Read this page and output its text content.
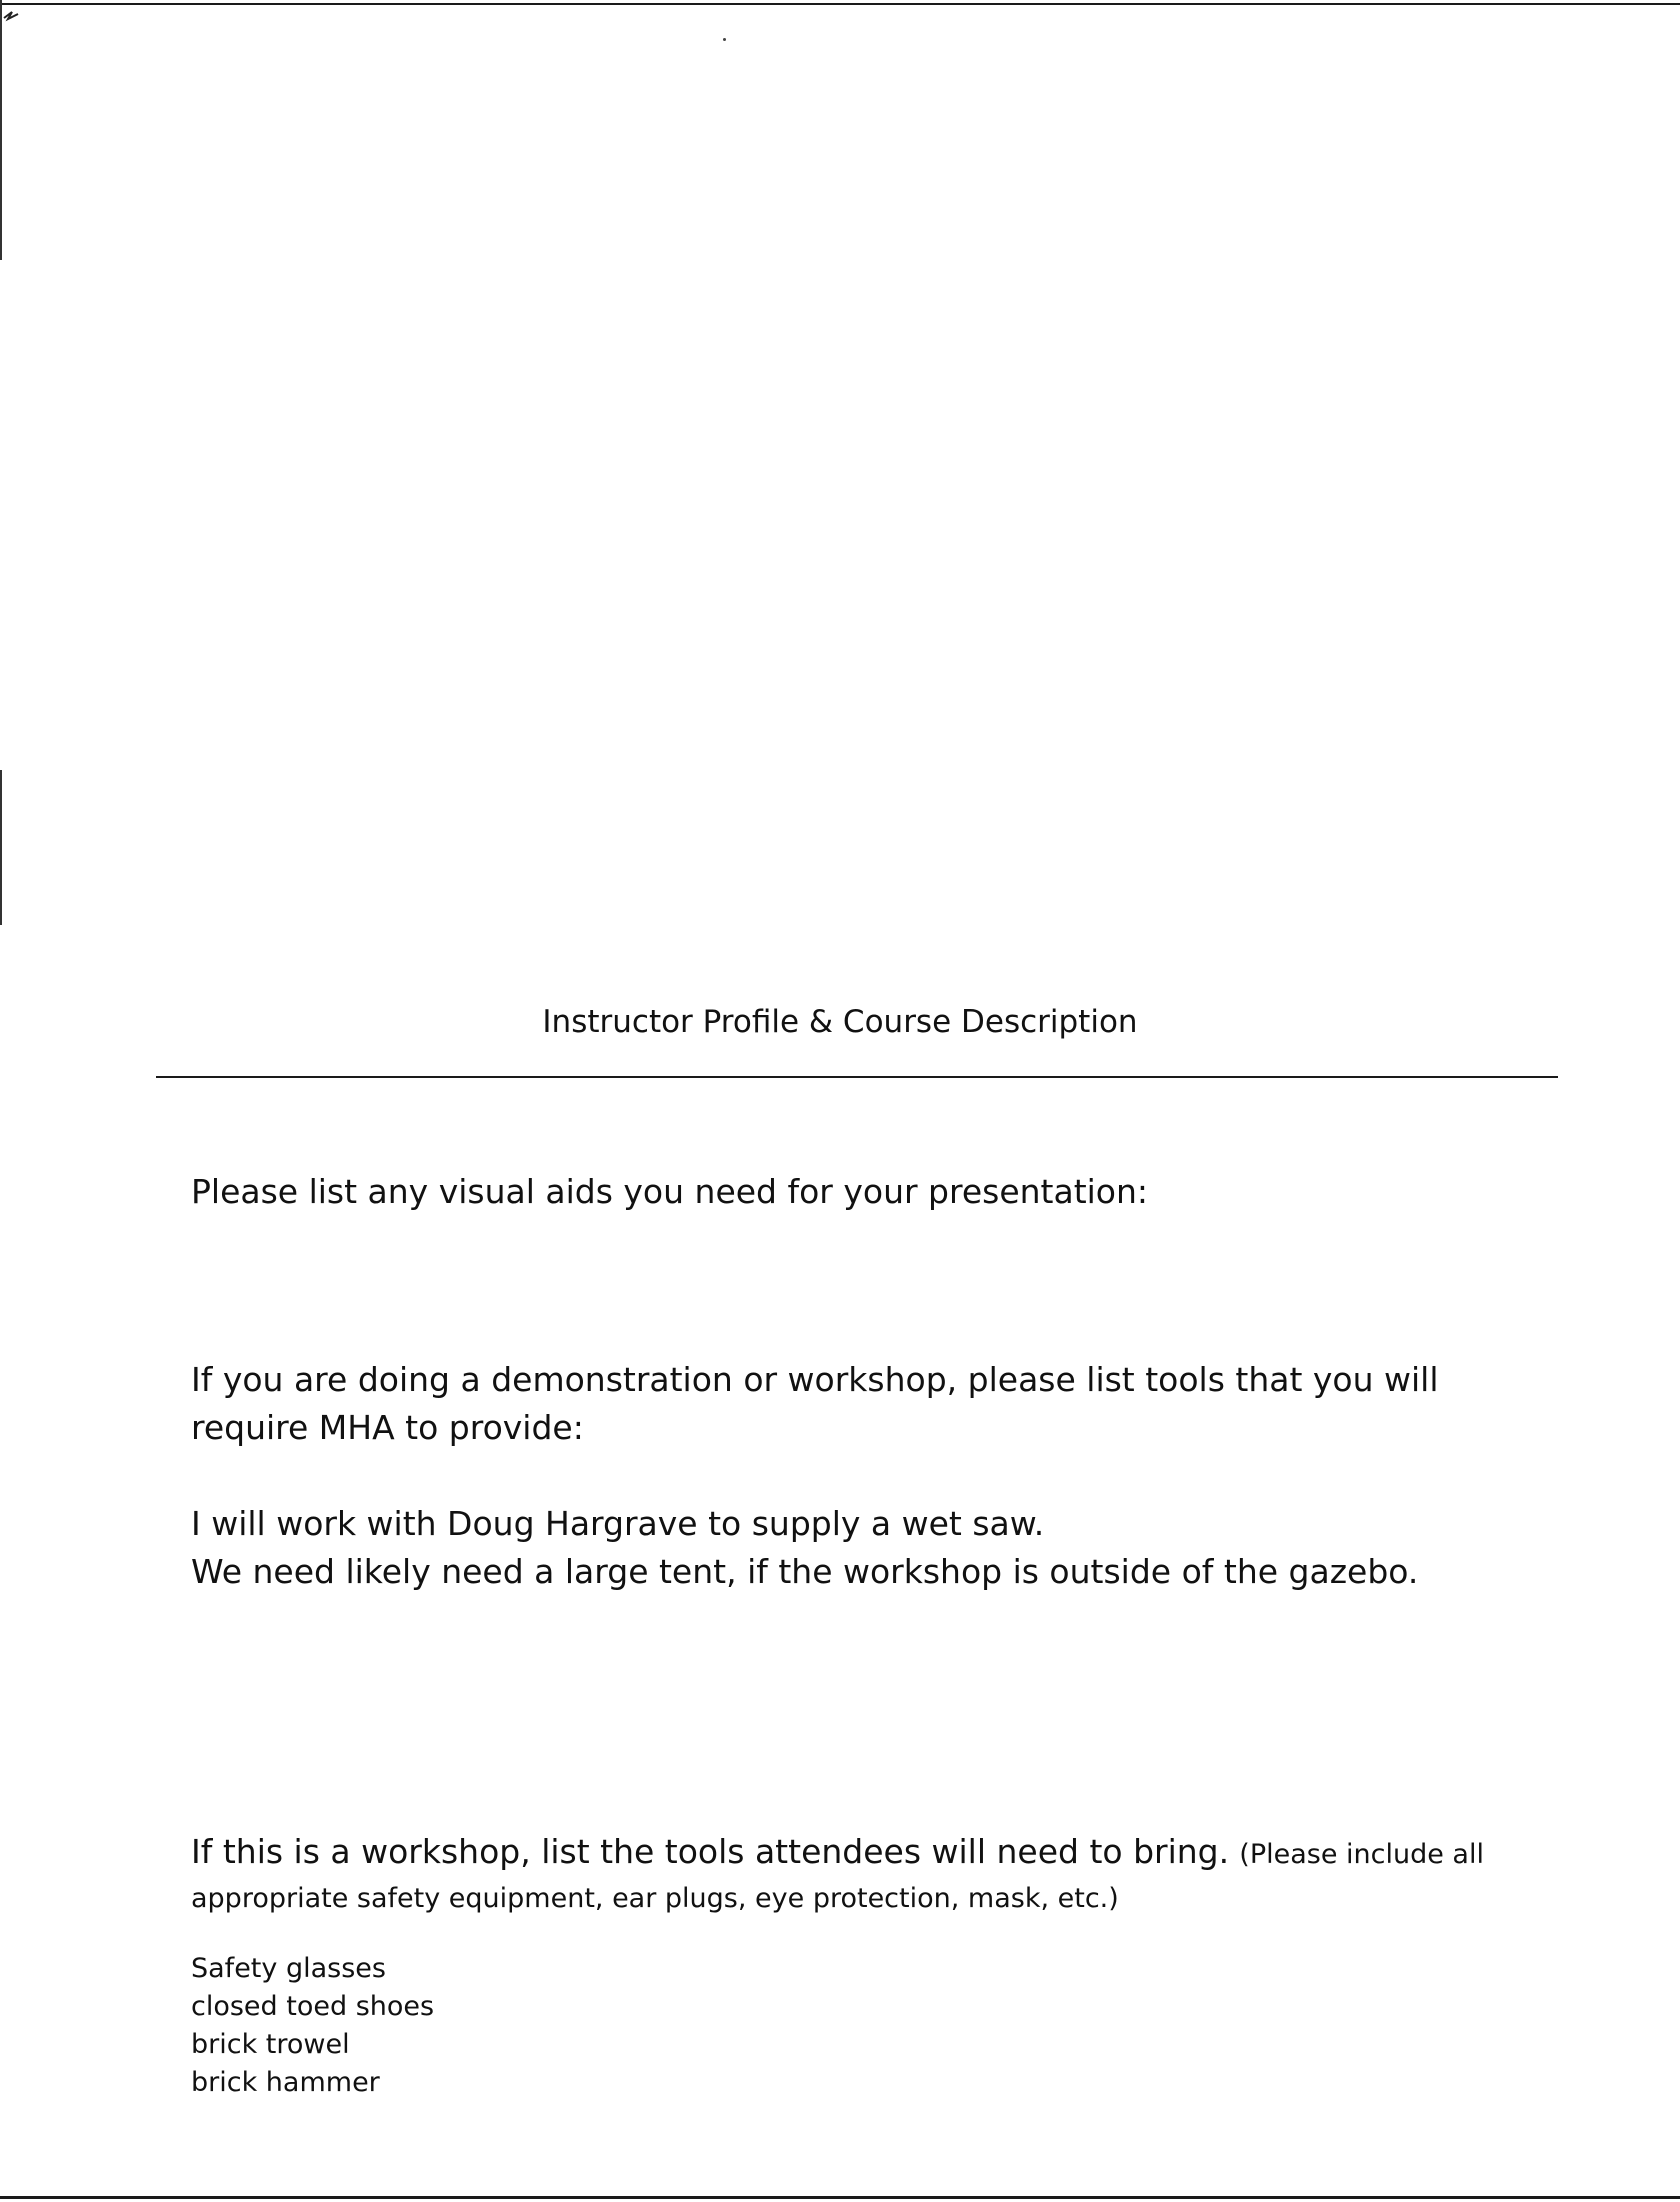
Instructor Profile & Course Description

Please list any visual aids you need for your presentation:

If you are doing a demonstration or workshop, please list tools that you will require MHA to provide:

I will work with Doug Hargrave to supply a wet saw.
We need likely need a large tent, if the workshop is outside of the gazebo.
If this is a workshop, list the tools attendees will need to bring. (Please include all
appropriate safety equipment, ear plugs, eye protection, mask, etc.)
Safety glasses
closed toed shoes
brick trowel
brick hammer
